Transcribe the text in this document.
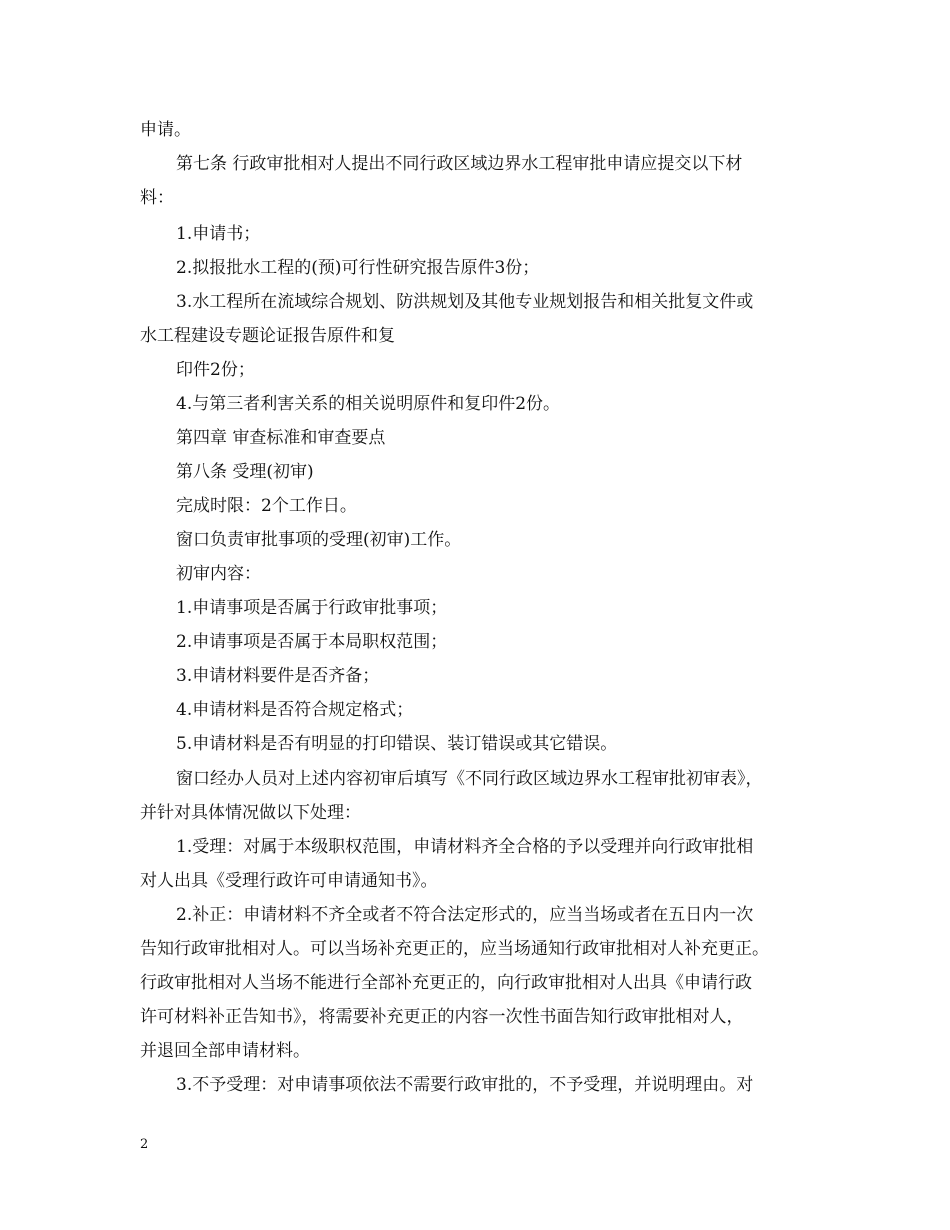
申请。
第七条 行政审批相对人提出不同行政区域边界水工程审批申请应提交以下材
料：
1.申请书；
2.拟报批水工程的(预)可行性研究报告原件3份；
3.水工程所在流域综合规划、防洪规划及其他专业规划报告和相关批复文件或
水工程建设专题论证报告原件和复
印件2份；
4.与第三者利害关系的相关说明原件和复印件2份。
第四章 审查标准和审查要点
第八条 受理(初审)
完成时限：2个工作日。
窗口负责审批事项的受理(初审)工作。
初审内容：
1.申请事项是否属于行政审批事项；
2.申请事项是否属于本局职权范围；
3.申请材料要件是否齐备；
4.申请材料是否符合规定格式；
5.申请材料是否有明显的打印错误、装订错误或其它错误。
窗口经办人员对上述内容初审后填写《不同行政区域边界水工程审批初审表》，
并针对具体情况做以下处理：
1.受理：对属于本级职权范围，申请材料齐全合格的予以受理并向行政审批相
对人出具《受理行政许可申请通知书》。
2.补正：申请材料不齐全或者不符合法定形式的，应当当场或者在五日内一次
告知行政审批相对人。可以当场补充更正的，应当场通知行政审批相对人补充更正。
行政审批相对人当场不能进行全部补充更正的，向行政审批相对人出具《申请行政
许可材料补正告知书》，将需要补充更正的内容一次性书面告知行政审批相对人，
并退回全部申请材料。
3.不予受理：对申请事项依法不需要行政审批的，不予受理，并说明理由。对
2
